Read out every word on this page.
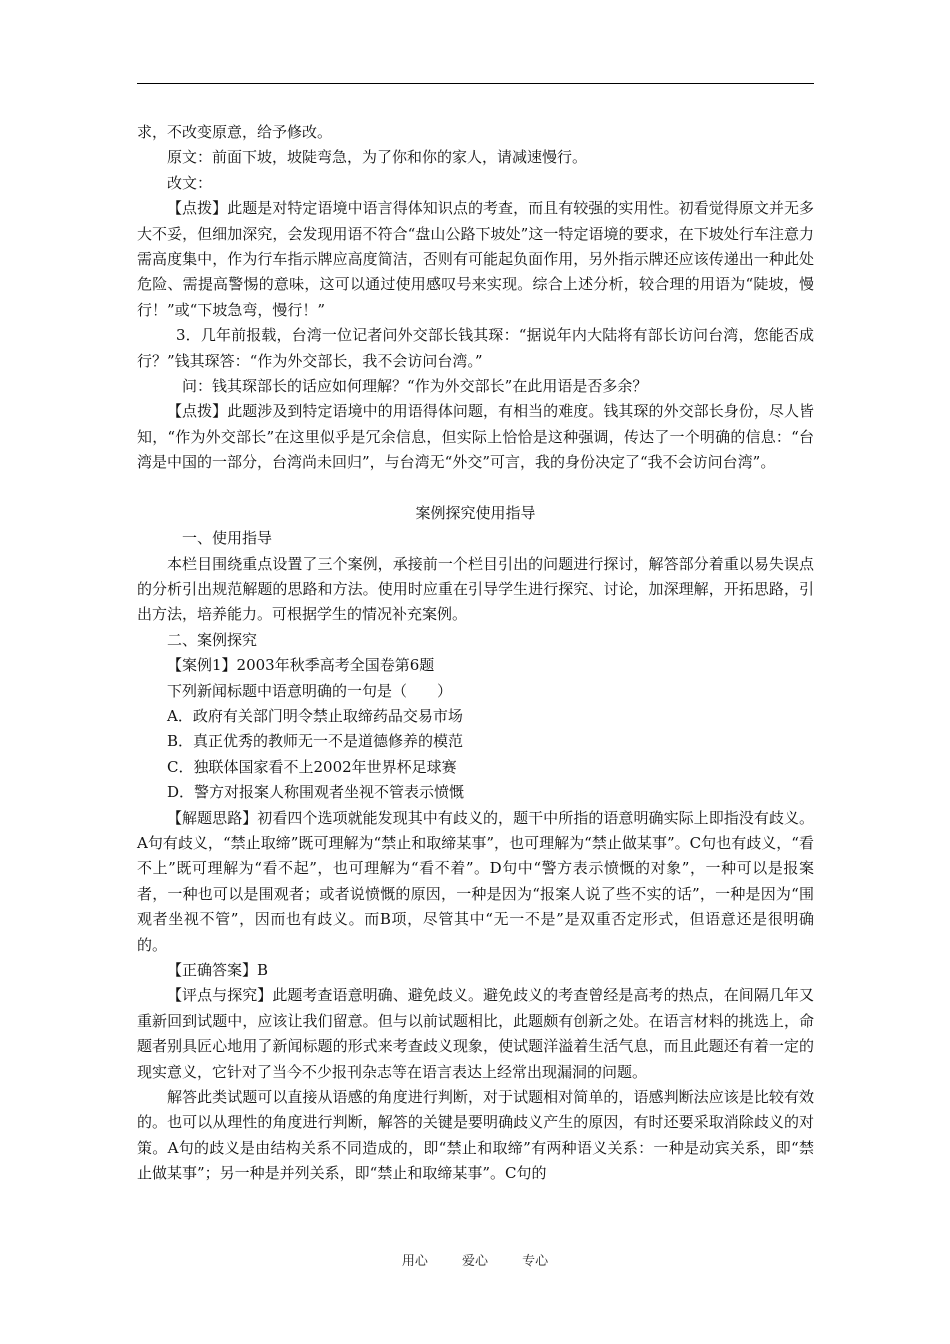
求，不改变原意，给予修改。

原文：前面下坡，坡陡弯急，为了你和你的家人，请减速慢行。

改文：

【点拨】此题是对特定语境中语言得体知识点的考查，而且有较强的实用性。初看觉得原文并无多大不妥，但细加深究，会发现用语不符合“盘山公路下坡处”这一特定语境的要求，在下坡处行车注意力需高度集中，作为行车指示牌应高度简洁，否则有可能起负面作用，另外指示牌还应该传递出一种此处危险、需提高警惕的意味，这可以通过使用感叹号来实现。综合上述分析，较合理的用语为“陡坡，慢行！”或“下坡急弯，慢行！”

3．几年前报载，台湾一位记者问外交部长钱其琛：“据说年内大陆将有部长访问台湾，您能否成行？”钱其琛答：“作为外交部长，我不会访问台湾。”

问：钱其琛部长的话应如何理解？“作为外交部长”在此用语是否多余？

【点拨】此题涉及到特定语境中的用语得体问题，有相当的难度。钱其琛的外交部长身份，尽人皆知，“作为外交部长”在这里似乎是冗余信息，但实际上恰恰是这种强调，传达了一个明确的信息：“台湾是中国的一部分，台湾尚未回归”，与台湾无“外交”可言，我的身份决定了“我不会访问台湾”。

案例探究使用指导

一、使用指导

本栏目围绕重点设置了三个案例，承接前一个栏目引出的问题进行探讨，解答部分着重以易失误点的分析引出规范解题的思路和方法。使用时应重在引导学生进行探究、讨论，加深理解，开拓思路，引出方法，培养能力。可根据学生的情况补充案例。

二、案例探究

【案例1】2003年秋季高考全国卷第6题

下列新闻标题中语意明确的一句是（　　）

A．政府有关部门明令禁止取缔药品交易市场

B．真正优秀的教师无一不是道德修养的模范

C．独联体国家看不上2002年世界杯足球赛

D．警方对报案人称围观者坐视不管表示愤慨

【解题思路】初看四个选项就能发现其中有歧义的，题干中所指的语意明确实际上即指没有歧义。A句有歧义，“禁止取缔”既可理解为“禁止和取缔某事”，也可理解为“禁止做某事”。C句也有歧义，“看不上”既可理解为“看不起”，也可理解为“看不着”。D句中“警方表示愤慨的对象”，一种可以是报案者，一种也可以是围观者；或者说愤慨的原因，一种是因为“报案人说了些不实的话”，一种是因为“围观者坐视不管”，因而也有歧义。而B项，尽管其中“无一不是”是双重否定形式，但语意还是很明确的。

【正确答案】B

【评点与探究】此题考查语意明确、避免歧义。避免歧义的考查曾经是高考的热点，在间隔几年又重新回到试题中，应该让我们留意。但与以前试题相比，此题颇有创新之处。在语言材料的挑选上，命题者别具匠心地用了新闻标题的形式来考查歧义现象，使试题洋溢着生活气息，而且此题还有着一定的现实意义，它针对了当今不少报刊杂志等在语言表达上经常出现漏洞的问题。

解答此类试题可以直接从语感的角度进行判断，对于试题相对简单的，语感判断法应该是比较有效的。也可以从理性的角度进行判断，解答的关键是要明确歧义产生的原因，有时还要采取消除歧义的对策。A句的歧义是由结构关系不同造成的，即“禁止和取缔”有两种语义关系：一种是动宾关系，即“禁止做某事”；另一种是并列关系，即“禁止和取缔某事”。C句的

用心	爱心	专心
